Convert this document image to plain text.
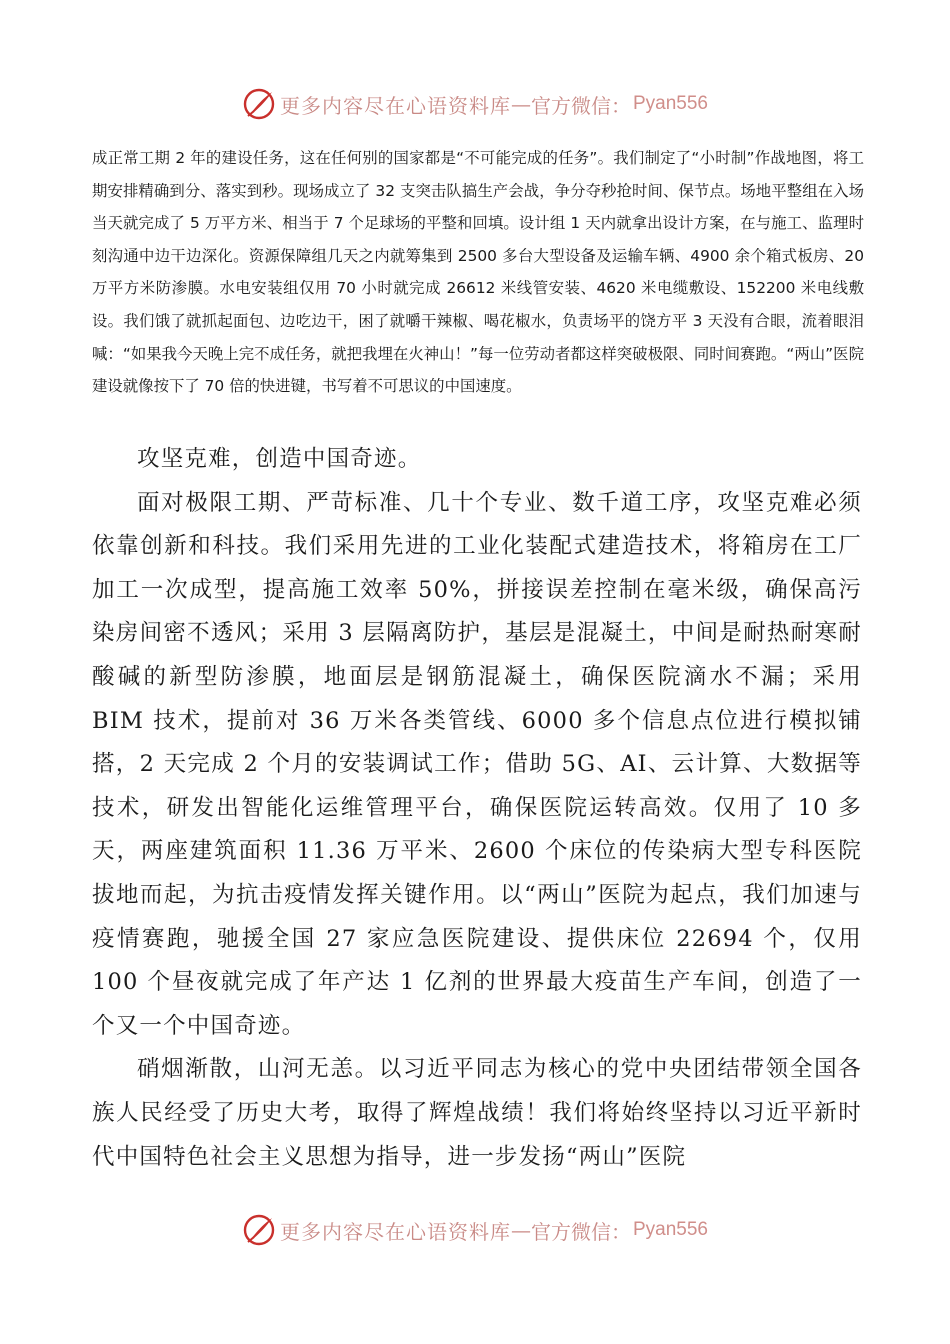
更多内容尽在心语资料库 — 官方微信： Pyan556

成正常工期 2 年的建设任务，这在任何别的国家都是“不可能完成的任务”。我们制定了“小时制”作战地图，将工期安排精确到分、落实到秒。现场成立了 32 支突击队搞生产会战，争分夺秒抢时间、保节点。场地平整组在入场当天就完成了 5 万平方米、相当于 7 个足球场的平整和回填。设计组 1 天内就拿出设计方案，在与施工、监理时刻沟通中边干边深化。资源保障组几天之内就筹集到 2500 多台大型设备及运输车辆、4900 余个箱式板房、20 万平方米防渗膜。水电安装组仅用 70 小时就完成 26612 米线管安装、4620 米电缆敷设、152200 米电线敷设。我们饿了就抓起面包、边吃边干，困了就嚼干辣椒、喝花椒水，负责场平的饶方平 3 天没有合眼，流着眼泪喊：“如果我今天晚上完不成任务，就把我埋在火神山！”每一位劳动者都这样突破极限、同时间赛跑。“两山”医院建设就像按下了 70 倍的快进键，书写着不可思议的中国速度。

攻坚克难，创造中国奇迹。

面对极限工期、严苛标准、几十个专业、数千道工序，攻坚克难必须依靠创新和科技。我们采用先进的工业化装配式建造技术，将箱房在工厂加工一次成型，提高施工效率 50%，拼接误差控制在毫米级，确保高污染房间密不透风；采用 3 层隔离防护，基层是混凝土，中间是耐热耐寒耐酸碱的新型防渗膜，地面层是钢筋混凝土，确保医院滴水不漏；采用 BIM 技术，提前对 36 万米各类管线、6000 多个信息点位进行模拟铺搭，2 天完成 2 个月的安装调试工作；借助 5G、AI、云计算、大数据等技术，研发出智能化运维管理平台，确保医院运转高效。仅用了 10 多天，两座建筑面积 11.36 万平米、2600 个床位的传染病大型专科医院拔地而起，为抗击疫情发挥关键作用。以“两山”医院为起点，我们加速与疫情赛跑，驰援全国 27 家应急医院建设、提供床位 22694 个，仅用 100 个昼夜就完成了年产达 1 亿剂的世界最大疫苗生产车间，创造了一个又一个中国奇迹。

硝烟渐散，山河无恙。以习近平同志为核心的党中央团结带领全国各族人民经受了历史大考，取得了辉煌战绩！我们将始终坚持以习近平新时代中国特色社会主义思想为指导，进一步发扬“两山”医院

更多内容尽在心语资料库 — 官方微信： Pyan556
